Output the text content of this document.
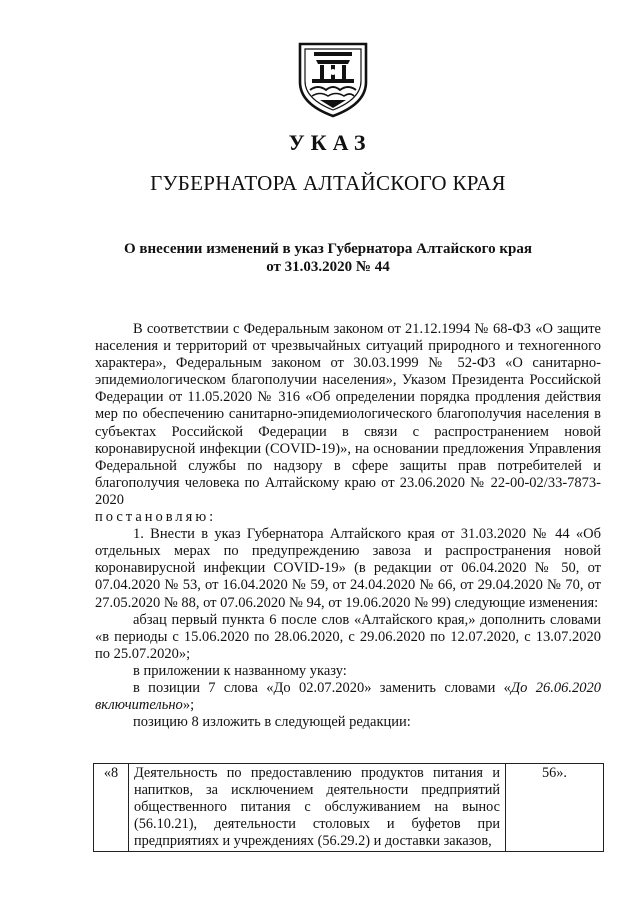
УКАЗ
ГУБЕРНАТОРА АЛТАЙСКОГО КРАЯ
О внесении изменений в указ Губернатора Алтайского края
от 31.03.2020 № 44

В соответствии с Федеральным законом от 21.12.1994 № 68-ФЗ «О защите населения и территорий от чрезвычайных ситуаций природного и техногенного характера», Федеральным законом от 30.03.1999 № 52-ФЗ «О санитарно-эпидемиологическом благополучии населения», Указом Президента Российской Федерации от 11.05.2020 № 316 «Об определении порядка продления действия мер по обеспечению санитарно-эпидемиологического благополучия населения в субъектах Российской Федерации в связи с распространением новой коронавирусной инфекции (COVID-19)», на основании предложения Управления Федеральной службы по надзору в сфере защиты прав потребителей и благополучия человека по Алтайскому краю от 23.06.2020 № 22-00-02/33-7873-2020

постановляю:

1. Внести в указ Губернатора Алтайского края от 31.03.2020 № 44 «Об отдельных мерах по предупреждению завоза и распространения новой коронавирусной инфекции COVID-19» (в редакции от 06.04.2020 № 50, от 07.04.2020 № 53, от 16.04.2020 № 59, от 24.04.2020 № 66, от 29.04.2020 № 70, от 27.05.2020 № 88, от 07.06.2020 № 94, от 19.06.2020 № 99) следующие изменения:

абзац первый пункта 6 после слов «Алтайского края,» дополнить словами «в периоды с 15.06.2020 по 28.06.2020, с 29.06.2020 по 12.07.2020, с 13.07.2020 по 25.07.2020»;

в приложении к названному указу:

в позиции 7 слова «До 02.07.2020» заменить словами «До 26.06.2020 включительно»;

позицию 8 изложить в следующей редакции:

«8	Деятельность по предоставлению продуктов питания и напитков, за исключением деятельности предприятий общественного питания с обслуживанием на вынос (56.10.21), деятельности столовых и буфетов при предприятиях и учреждениях (56.29.2) и доставки заказов,	56».
